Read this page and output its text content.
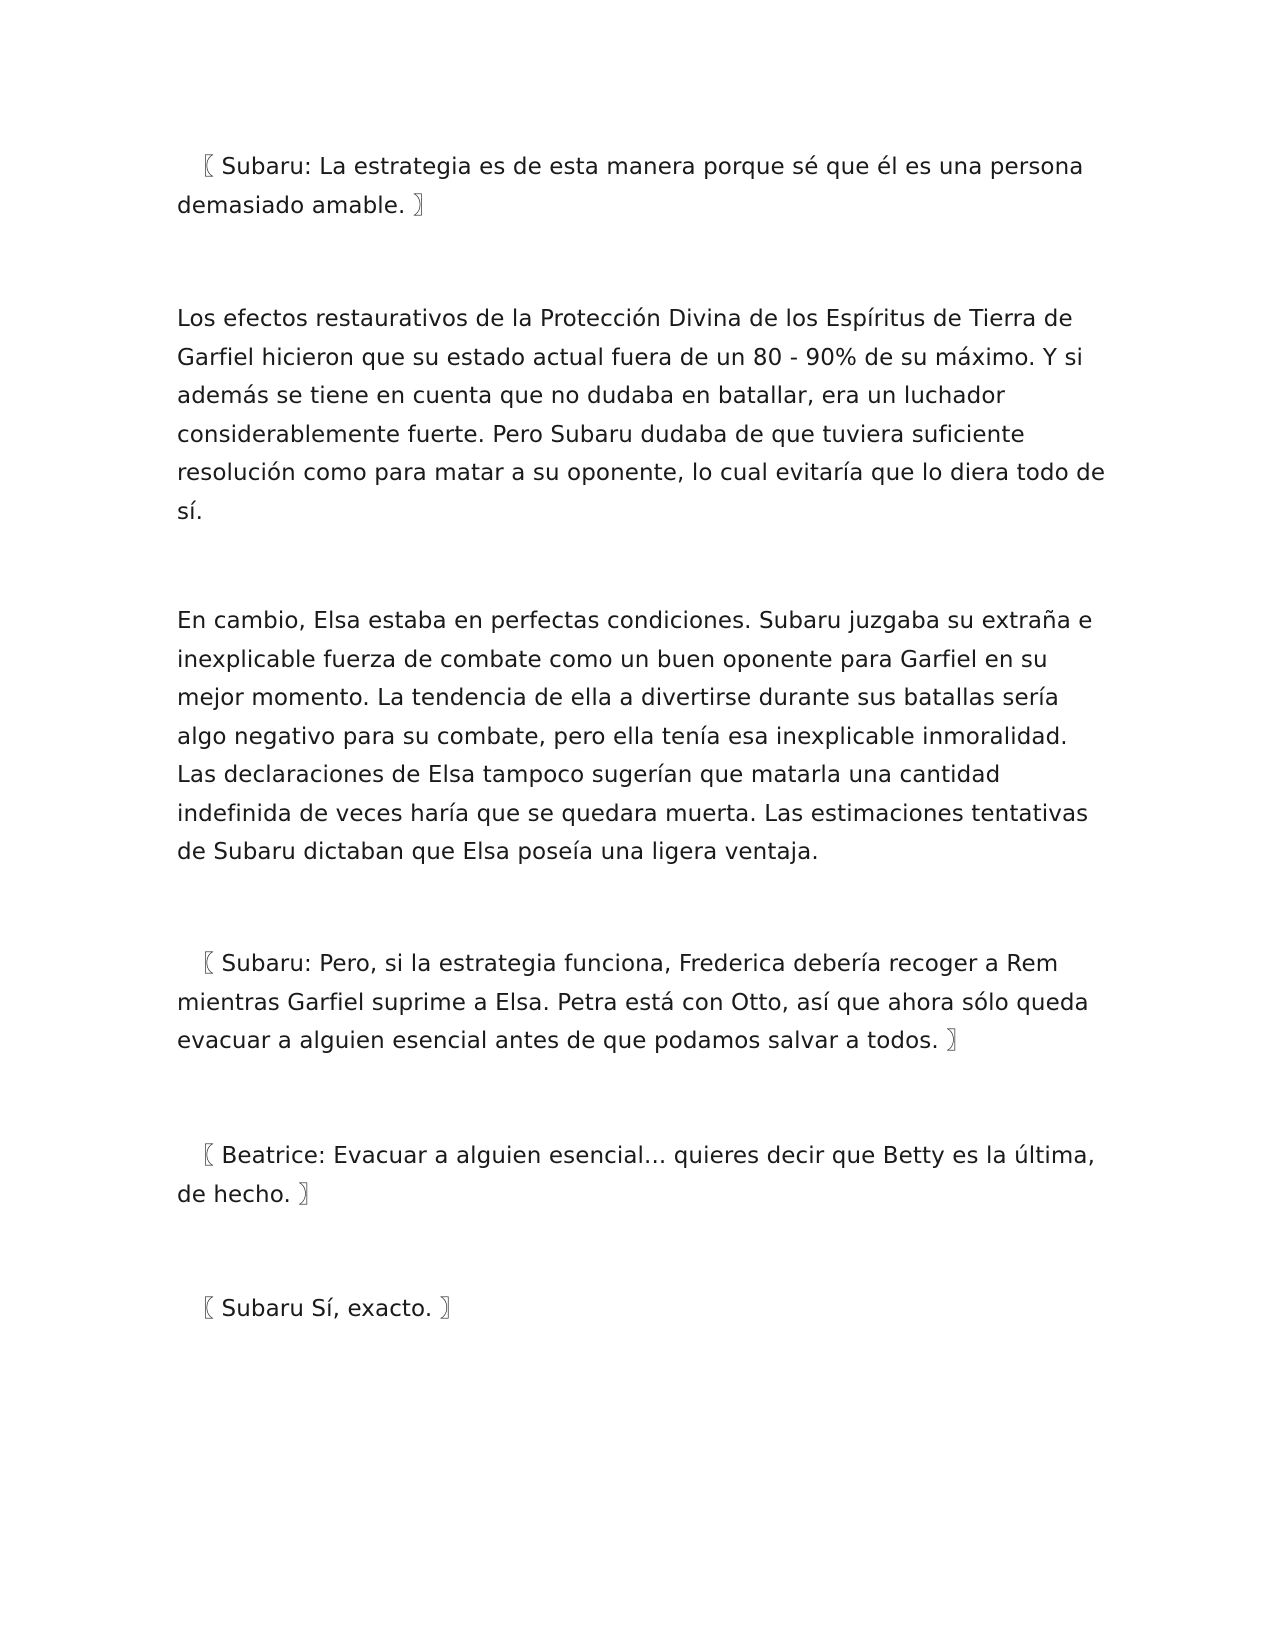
〖 Subaru: La estrategia es de esta manera porque sé que él es una persona demasiado amable. 〗

Los efectos restaurativos de la Protección Divina de los Espíritus de Tierra de Garfiel hicieron que su estado actual fuera de un 80 - 90% de su máximo. Y si además se tiene en cuenta que no dudaba en batallar, era un luchador considerablemente fuerte. Pero Subaru dudaba de que tuviera suficiente resolución como para matar a su oponente, lo cual evitaría que lo diera todo de sí.

En cambio, Elsa estaba en perfectas condiciones. Subaru juzgaba su extraña e inexplicable fuerza de combate como un buen oponente para Garfiel en su mejor momento. La tendencia de ella a divertirse durante sus batallas sería algo negativo para su combate, pero ella tenía esa inexplicable inmoralidad. Las declaraciones de Elsa tampoco sugerían que matarla una cantidad indefinida de veces haría que se quedara muerta. Las estimaciones tentativas de Subaru dictaban que Elsa poseía una ligera ventaja.

〖 Subaru: Pero, si la estrategia funciona, Frederica debería recoger a Rem mientras Garfiel suprime a Elsa. Petra está con Otto, así que ahora sólo queda evacuar a alguien esencial antes de que podamos salvar a todos. 〗

〖 Beatrice: Evacuar a alguien esencial... quieres decir que Betty es la última, de hecho. 〗

〖 Subaru Sí, exacto. 〗
